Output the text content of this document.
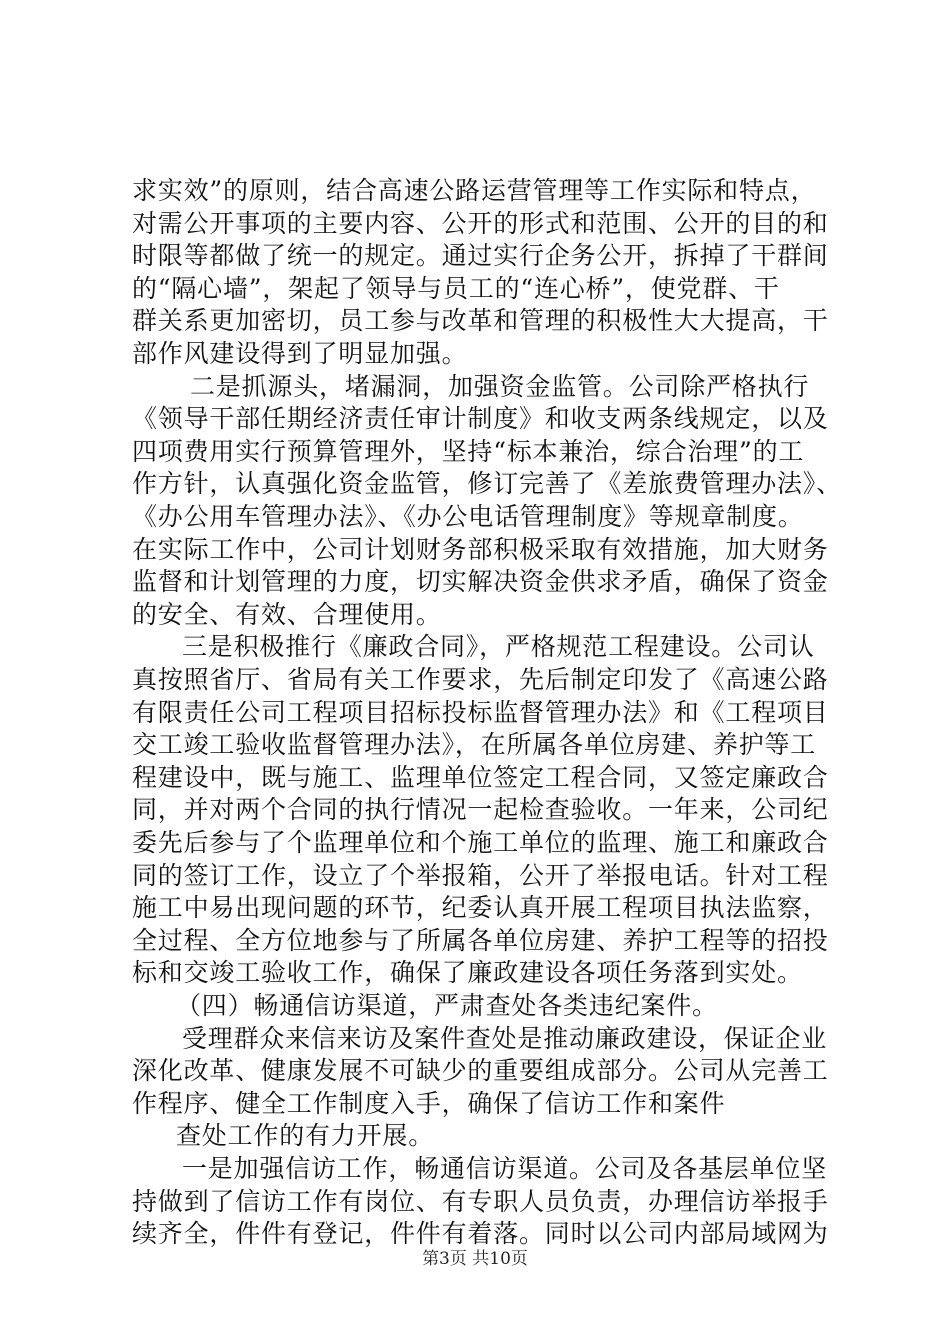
求实效”的原则，结合高速公路运营管理等工作实际和特点，
对需公开事项的主要内容、公开的形式和范围、公开的目的和
时限等都做了统一的规定。通过实行企务公开，拆掉了干群间
的“隔心墙”，架起了领导与员工的“连心桥”，使党群、干
群关系更加密切，员工参与改革和管理的积极性大大提高，干
部作风建设得到了明显加强。
二是抓源头，堵漏洞，加强资金监管。公司除严格执行
《领导干部任期经济责任审计制度》和收支两条线规定，以及
四项费用实行预算管理外，坚持“标本兼治，综合治理”的工
作方针，认真强化资金监管，修订完善了《差旅费管理办法》、
《办公用车管理办法》、《办公电话管理制度》等规章制度。
在实际工作中，公司计划财务部积极采取有效措施，加大财务
监督和计划管理的力度，切实解决资金供求矛盾，确保了资金
的安全、有效、合理使用。
三是积极推行《廉政合同》，严格规范工程建设。公司认
真按照省厅、省局有关工作要求，先后制定印发了《高速公路
有限责任公司工程项目招标投标监督管理办法》和《工程项目
交工竣工验收监督管理办法》，在所属各单位房建、养护等工
程建设中，既与施工、监理单位签定工程合同，又签定廉政合
同，并对两个合同的执行情况一起检查验收。一年来，公司纪
委先后参与了个监理单位和个施工单位的监理、施工和廉政合
同的签订工作，设立了个举报箱，公开了举报电话。针对工程
施工中易出现问题的环节，纪委认真开展工程项目执法监察，
全过程、全方位地参与了所属各单位房建、养护工程等的招投
标和交竣工验收工作，确保了廉政建设各项任务落到实处。
（四）畅通信访渠道，严肃查处各类违纪案件。
受理群众来信来访及案件查处是推动廉政建设，保证企业
深化改革、健康发展不可缺少的重要组成部分。公司从完善工
作程序、健全工作制度入手，确保了信访工作和案件
查处工作的有力开展。
一是加强信访工作，畅通信访渠道。公司及各基层单位坚
持做到了信访工作有岗位、有专职人员负责，办理信访举报手
续齐全，件件有登记，件件有着落。同时以公司内部局域网为
第3页 共10页
